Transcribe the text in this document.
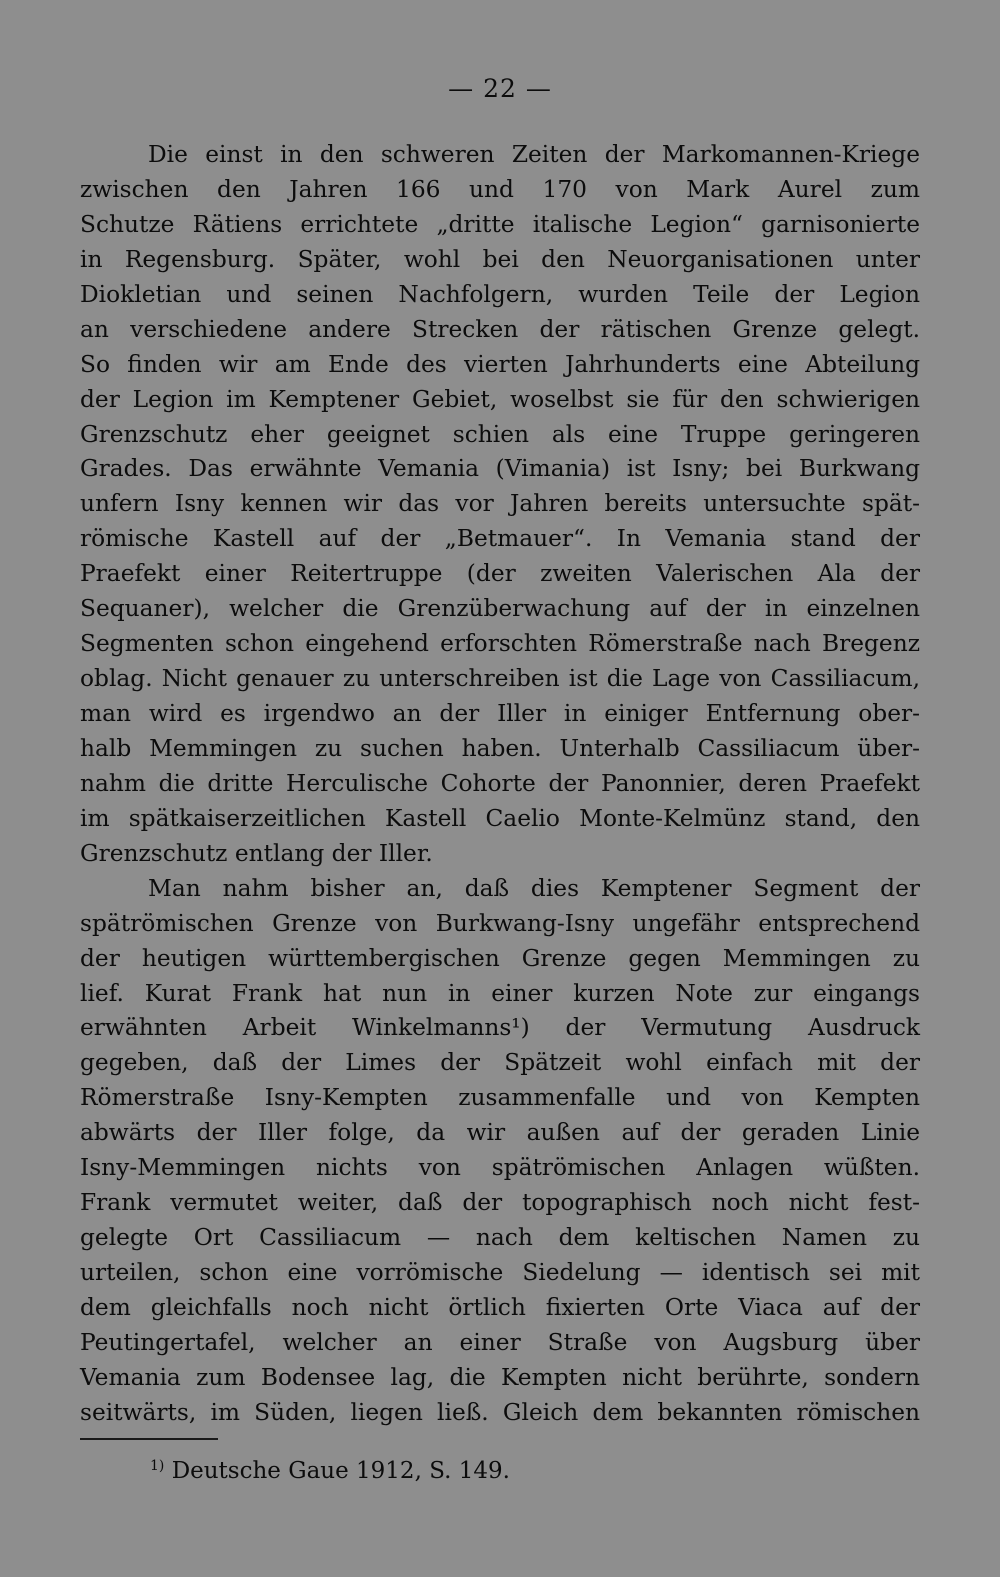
— 22 —
Die einst in den schweren Zeiten der Markomannen-Kriege
zwischen den Jahren 166 und 170 von Mark Aurel zum
Schutze Rätiens errichtete „dritte italische Legion“ garnisonierte
in Regensburg. Später, wohl bei den Neuorganisationen unter
Diokletian und seinen Nachfolgern, wurden Teile der Legion
an verschiedene andere Strecken der rätischen Grenze gelegt.
So finden wir am Ende des vierten Jahrhunderts eine Abteilung
der Legion im Kemptener Gebiet, woselbst sie für den schwierigen
Grenzschutz eher geeignet schien als eine Truppe geringeren
Grades. Das erwähnte Vemania (Vimania) ist Isny; bei Burkwang
unfern Isny kennen wir das vor Jahren bereits untersuchte spät-
römische Kastell auf der „Betmauer“. In Vemania stand der
Praefekt einer Reitertruppe (der zweiten Valerischen Ala der
Sequaner), welcher die Grenzüberwachung auf der in einzelnen
Segmenten schon eingehend erforschten Römerstraße nach Bregenz
oblag. Nicht genauer zu unterschreiben ist die Lage von Cassiliacum,
man wird es irgendwo an der Iller in einiger Entfernung ober-
halb Memmingen zu suchen haben. Unterhalb Cassiliacum über-
nahm die dritte Herculische Cohorte der Panonnier, deren Praefekt
im spätkaiserzeitlichen Kastell Caelio Monte-Kelmünz stand, den
Grenzschutz entlang der Iller.
Man nahm bisher an, daß dies Kemptener Segment der
spätrömischen Grenze von Burkwang-Isny ungefähr entsprechend
der heutigen württembergischen Grenze gegen Memmingen zu
lief. Kurat Frank hat nun in einer kurzen Note zur eingangs
erwähnten Arbeit Winkelmanns¹) der Vermutung Ausdruck
gegeben, daß der Limes der Spätzeit wohl einfach mit der
Römerstraße Isny-Kempten zusammenfalle und von Kempten
abwärts der Iller folge, da wir außen auf der geraden Linie
Isny-Memmingen nichts von spätrömischen Anlagen wüßten.
Frank vermutet weiter, daß der topographisch noch nicht fest-
gelegte Ort Cassiliacum — nach dem keltischen Namen zu
urteilen, schon eine vorrömische Siedelung — identisch sei mit
dem gleichfalls noch nicht örtlich fixierten Orte Viaca auf der
Peutingertafel, welcher an einer Straße von Augsburg über
Vemania zum Bodensee lag, die Kempten nicht berührte, sondern
seitwärts, im Süden, liegen ließ. Gleich dem bekannten römischen
$^{1)}$ Deutsche Gaue 1912, S. 149.
